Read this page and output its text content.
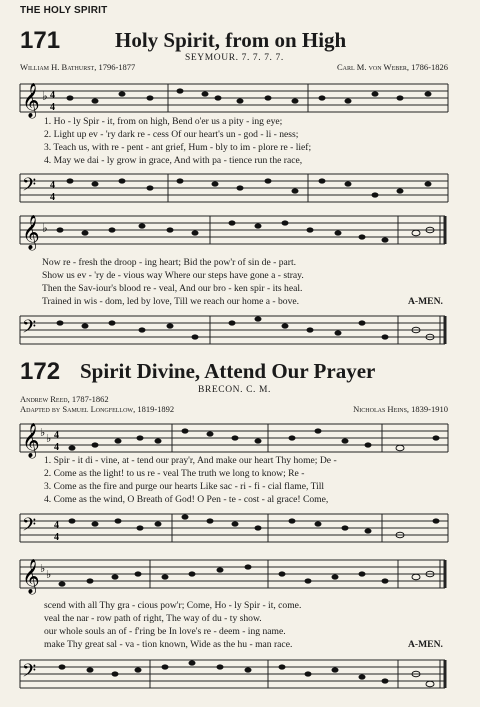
THE HOLY SPIRIT
171	Holy Spirit, from on High
SEYMOUR. 7. 7. 7. 7.
William H. Bathurst, 1796-1877	Carl M. von Weber, 1786-1826
𝄞 ♭ 4
4
1. Ho - ly Spir - it, from on high, Bend o'er us a pity - ing eye;
2. Light up ev - 'ry dark re - cess Of our heart's un - god - li - ness;
3. Teach us, with re - pent - ant grief, Hum - bly to im - plore re - lief;
4. May we dai - ly grow in grace, And with pa - tience run the race,
𝄢 4
4
𝄞 ♭
Now re - fresh the droop - ing heart; Bid the pow'r of sin de - part.
Show us ev - 'ry de - vious way Where our steps have gone a - stray.
Then the Sav-iour's blood re - veal, And our bro - ken spir - its heal.
Trained in wis - dom, led by love, Till we reach our home a - bove.	A-MEN.
𝄢
172 Spirit Divine, Attend Our Prayer
BRECON. C. M.
Andrew Reed, 1787-1862
Adapted by Samuel Longfellow, 1819-1892	Nicholas Heins, 1839-1910
𝄞 ♭ ♭ 4
4
1. Spir - it di - vine, at - tend our pray'r, And make our heart Thy home; De -
2. Come as the light! to us re - veal The truth we long to know; Re -
3. Come as the fire and purge our hearts Like sac - ri - fi - cial flame, Till
4. Come as the wind, O Breath of God! O Pen - te - cost - al grace! Come,
𝄢 4
4
𝄞 ♭ ♭
scend with all Thy gra - cious pow'r; Come, Ho - ly Spir - it, come.
veal the nar - row path of right, The way of du - ty show.
our whole souls an of - f'ring be In love's re - deem - ing name.
make Thy great sal - va - tion known, Wide as the hu - man race.	A-MEN.
𝄢
